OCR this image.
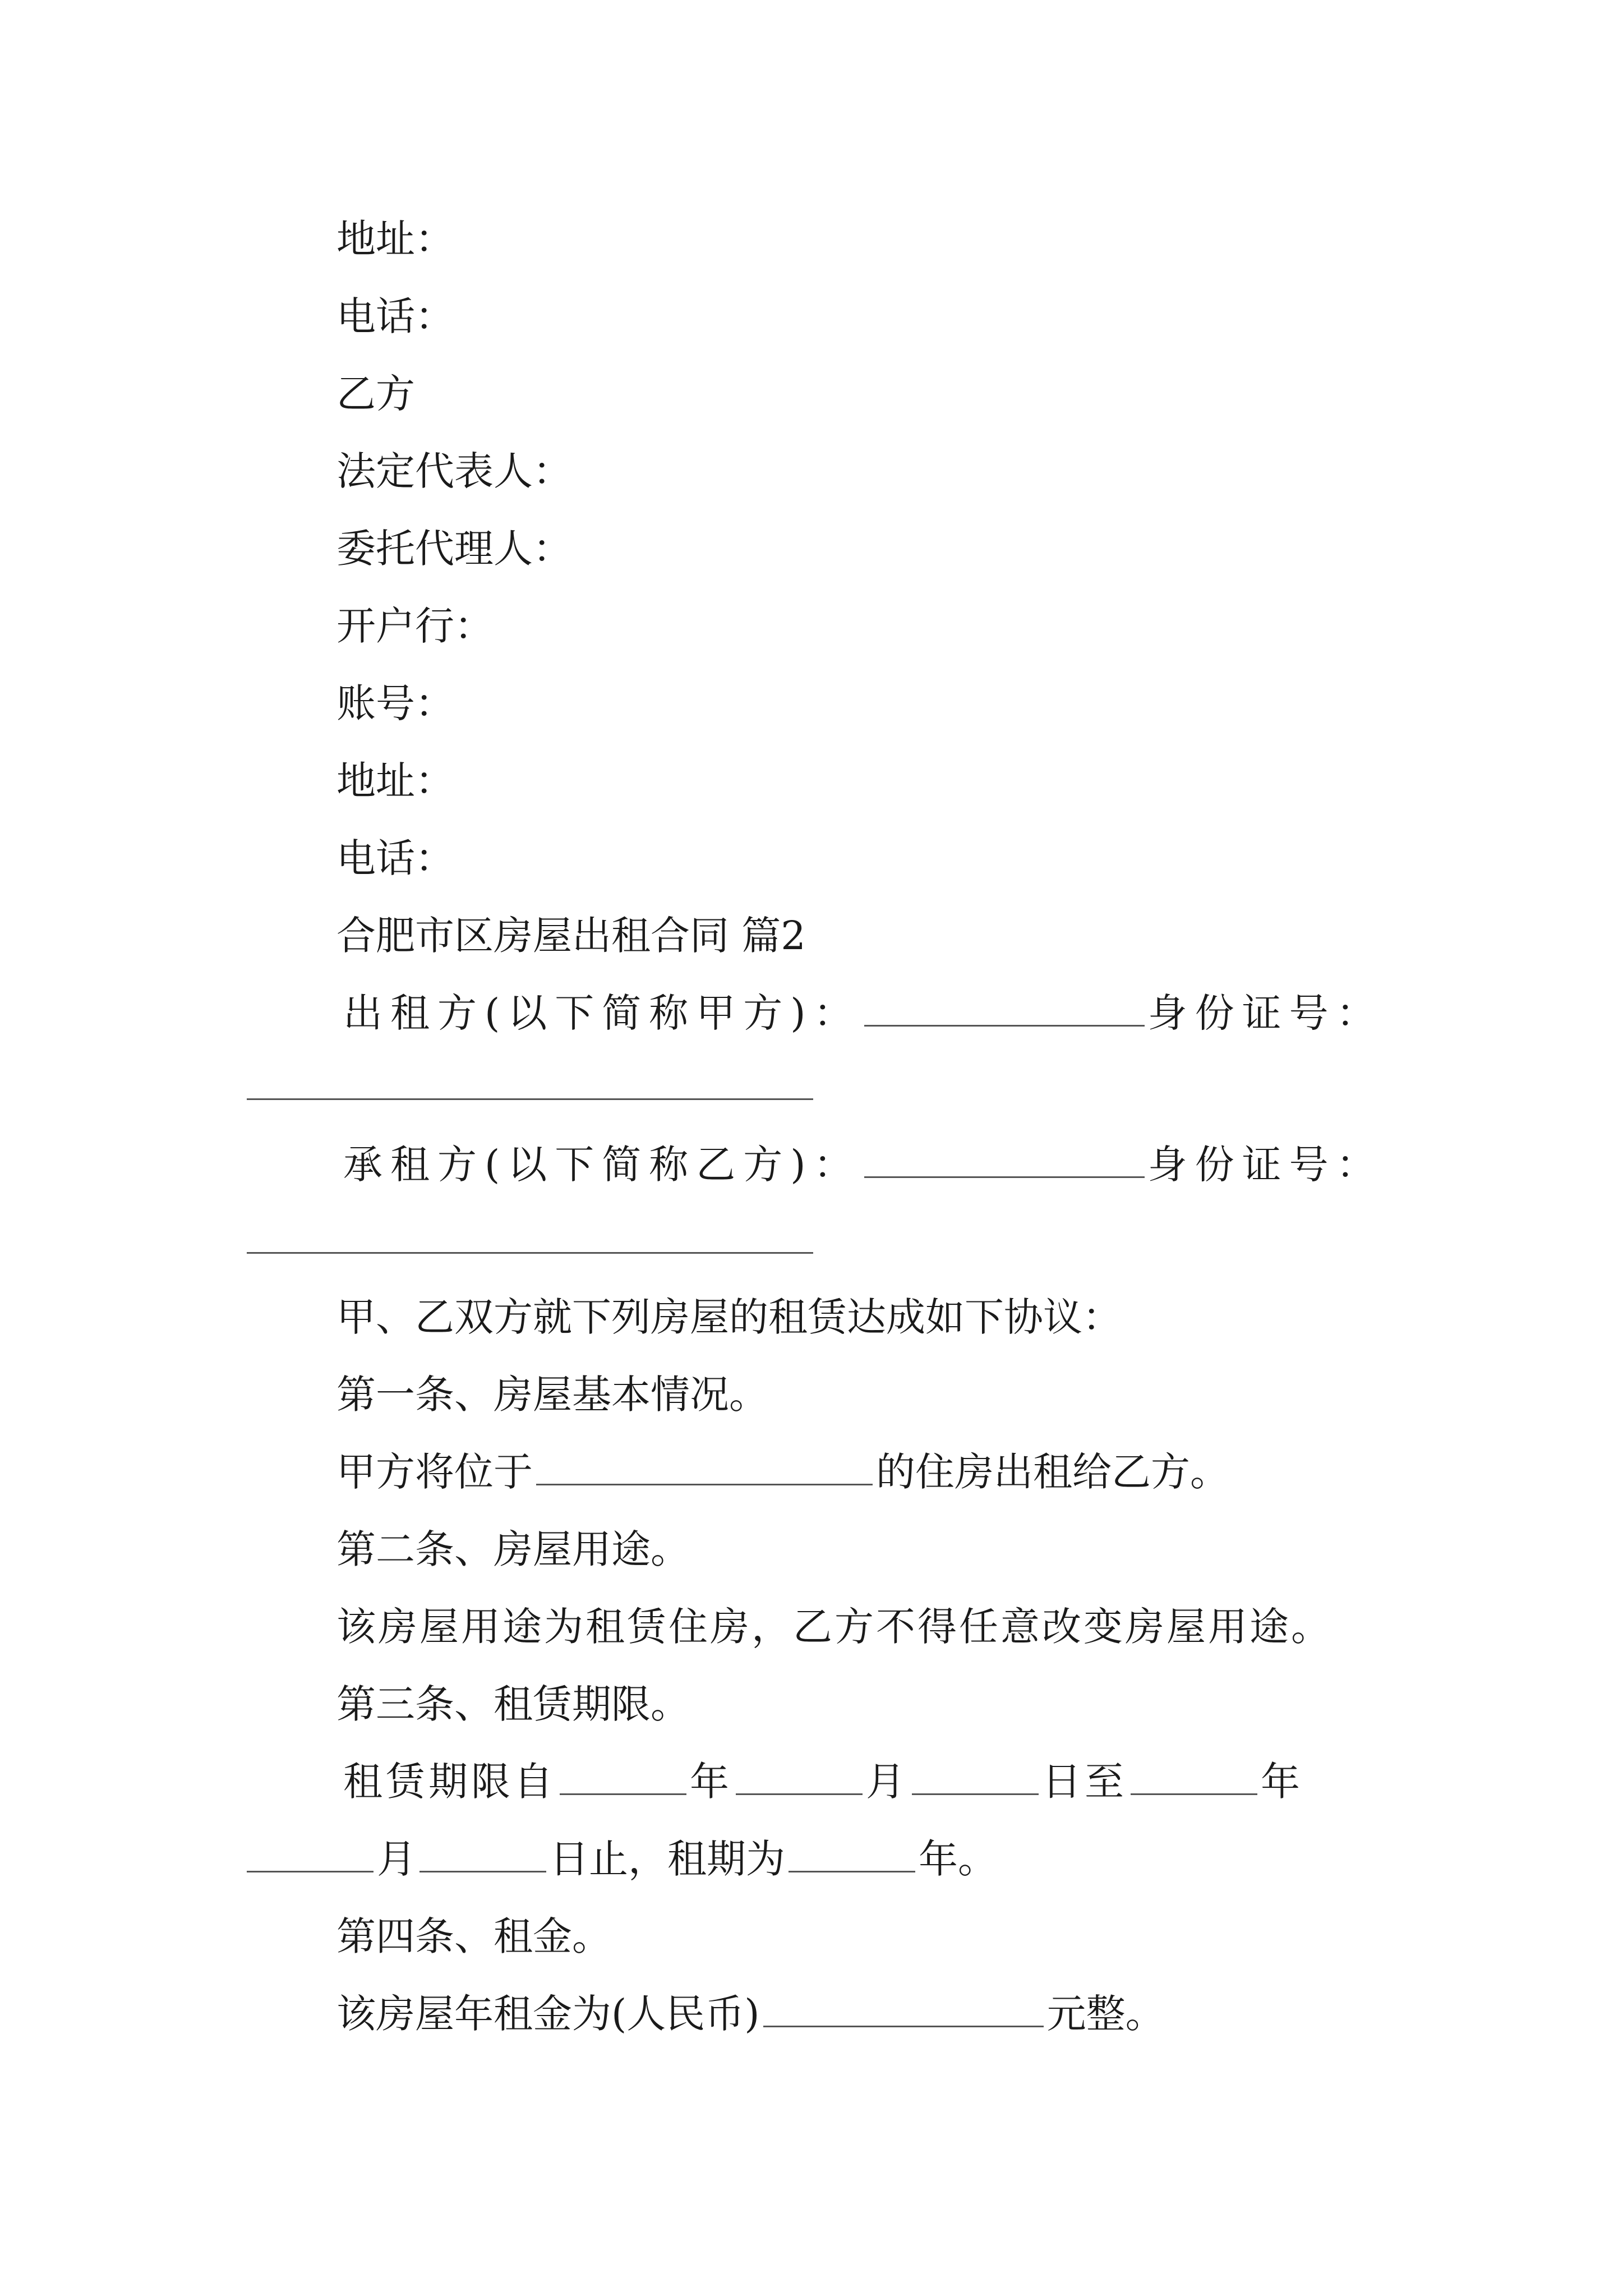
地址：

电话：

乙方

法定代表人：

委托代理人：

开户行：

账号：

地址：

电话：

合肥市区房屋出租合同 篇2

出租方(以下简称甲方)：	身份证号：

承租方(以下简称乙方)：	身份证号：

甲、乙双方就下列房屋的租赁达成如下协议：

第一条、房屋基本情况。

甲方将位于	的住房出租给乙方。

第二条、房屋用途。

该房屋用途为租赁住房，乙方不得任意改变房屋用途。

第三条、租赁期限。

租赁期限自	年	月	日至	年

月	日止，租期为	年。

第四条、租金。

该房屋年租金为(人民币)	元整。
